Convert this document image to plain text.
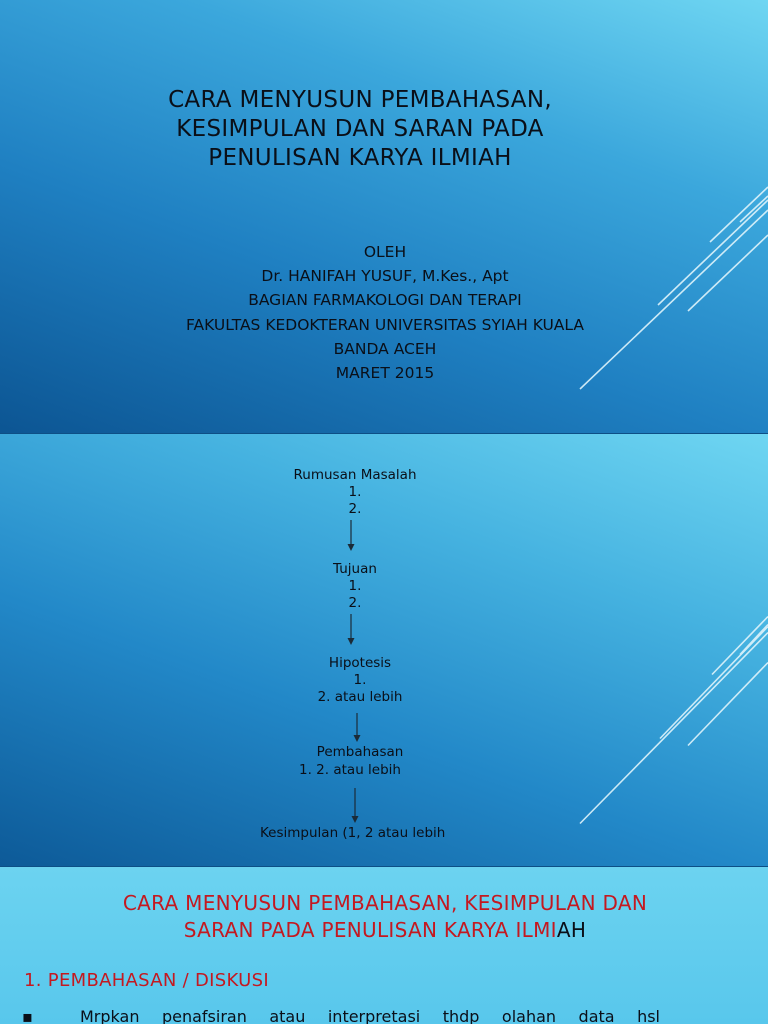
CARA MENYUSUN PEMBAHASAN,
KESIMPULAN DAN SARAN PADA
PENULISAN KARYA ILMIAH
OLEH
Dr. HANIFAH YUSUF, M.Kes., Apt
BAGIAN FARMAKOLOGI DAN TERAPI
FAKULTAS KEDOKTERAN UNIVERSITAS SYIAH KUALA
BANDA ACEH
MARET 2015
Rumusan Masalah
1.
2.
Tujuan
1.
2.
Hipotesis
1.
2. atau lebih
Pembahasan
1. 2. atau lebih
Kesimpulan (1, 2 atau lebih
CARA MENYUSUN PEMBAHASAN, KESIMPULAN DAN
SARAN PADA PENULISAN KARYA ILMIAH
1. PEMBAHASAN / DISKUSI
▪	Mrpkan penafsiran atau interpretasi thdp olahan data hsl
